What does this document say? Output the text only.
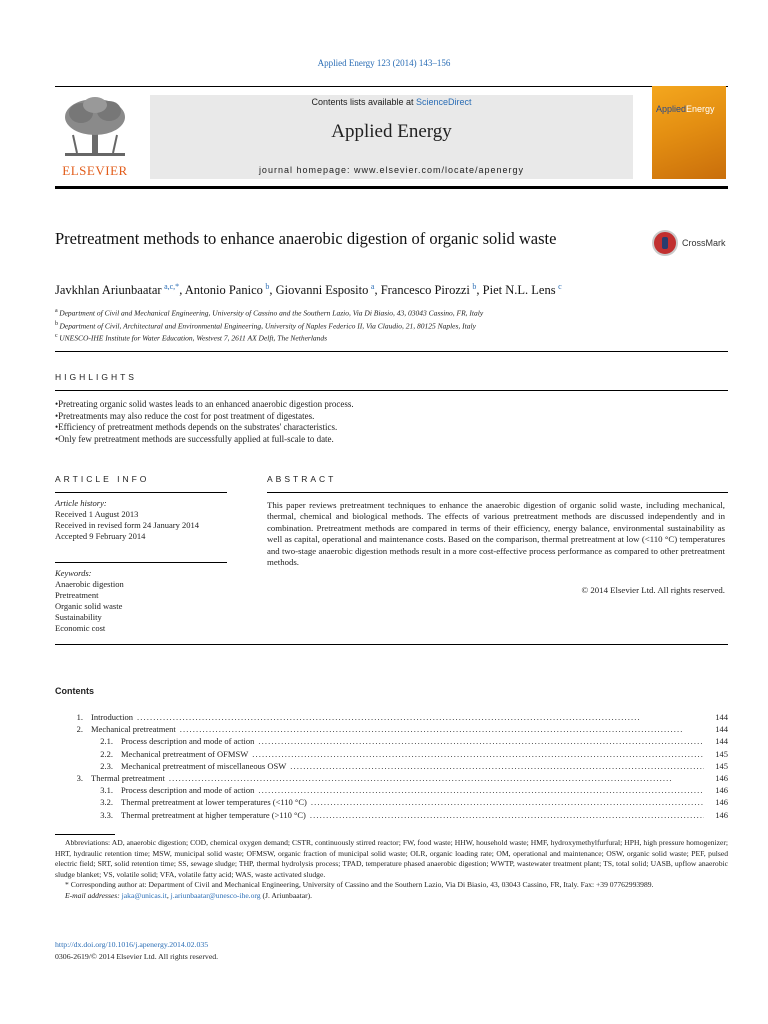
Applied Energy 123 (2014) 143–156
ELSEVIER
Contents lists available at ScienceDirect
Applied Energy
journal homepage: www.elsevier.com/locate/apenergy
AppliedEnergy
Pretreatment methods to enhance anaerobic digestion of organic solid waste	CrossMark
Javkhlan Ariunbaatar  $^{a,c,*}$, Antonio Panico  $^b$, Giovanni Esposito  $^a$, Francesco Pirozzi  $^b$, Piet N.L. Lens  $^c$
$^a$  Department of Civil and Mechanical Engineering, University of Cassino and the Southern Lazio, Via Di Biasio, 43, 03043 Cassino, FR, Italy
$^b$  Department of Civil, Architectural and Environmental Engineering, University of Naples Federico II, Via Claudio, 21, 80125 Naples, Italy
$^c$  UNESCO-IHE Institute for Water Education, Westvest 7, 2611 AX Delft, The Netherlands
HIGHLIGHTS
• Pretreating organic solid wastes leads to an enhanced anaerobic digestion process.
• Pretreatments may also reduce the cost for post treatment of digestates.
• Efficiency of pretreatment methods depends on the substrates' characteristics.
• Only few pretreatment methods are successfully applied at full-scale to date.
ARTICLE INFO
Article history:
Received 1 August 2013
Received in revised form 24 January 2014
Accepted 9 February 2014
Keywords:
Anaerobic digestion
Pretreatment
Organic solid waste
Sustainability
Economic cost
ABSTRACT
This paper reviews pretreatment techniques to enhance the anaerobic digestion of organic solid waste, including mechanical, thermal, chemical and biological methods. The effects of various pretreatment methods are discussed independently and in combination. Pretreatment methods are compared in terms of their efficiency, energy balance, environmental sustainability as well as capital, operational and maintenance costs. Based on the comparison, thermal pretreatment at low (<110 °C) temperatures and two-stage anaerobic digestion methods result in a more cost-effective process performance as compared to other pretreatment methods.
© 2014 Elsevier Ltd. All rights reserved.
Contents
1. Introduction . . .	144
2. Mechanical pretreatment . . .	144
2.1. Process description and mode of action . . .	144
2.2. Mechanical pretreatment of OFMSW . . .	145
2.3. Mechanical pretreatment of miscellaneous OSW . . .	145
3. Thermal pretreatment . . .	146
3.1. Process description and mode of action . . .	146
3.2. Thermal pretreatment at lower temperatures (<110 °C) . . .	146
3.3. Thermal pretreatment at higher temperature (>110 °C) . . .	146

Abbreviations: AD, anaerobic digestion; COD, chemical oxygen demand; CSTR, continuously stirred reactor; FW, food waste; HHW, household waste; HMF, hydroxymethylfurfural; HPH, high pressure homogenizer; HRT, hydraulic retention time; MSW, municipal solid waste; OFMSW, organic fraction of municipal solid waste; OLR, organic loading rate; OM, operational and maintenance; OSW, organic solid waste; PEF, pulsed electric field; SRT, solid retention time; SS, sewage sludge; THP, thermal hydrolysis process; TPAD, temperature phased anaerobic digestion; WWTP, wastewater treatment plant; TS, total solid; UASB, upflow anaerobic sludge blanket; VS, volatile solid; VFA, volatile fatty acid; WAS, waste activated sludge.

* Corresponding author at: Department of Civil and Mechanical Engineering, University of Cassino and the Southern Lazio, Via Di Biasio, 43, 03043 Cassino, FR, Italy. Fax: +39 07762993989.

E-mail addresses: jaka@unicas.it, j.ariunbaatar@unesco-ihe.org (J. Ariunbaatar).

http://dx.doi.org/10.1016/j.apenergy.2014.02.035
0306-2619/© 2014 Elsevier Ltd. All rights reserved.
